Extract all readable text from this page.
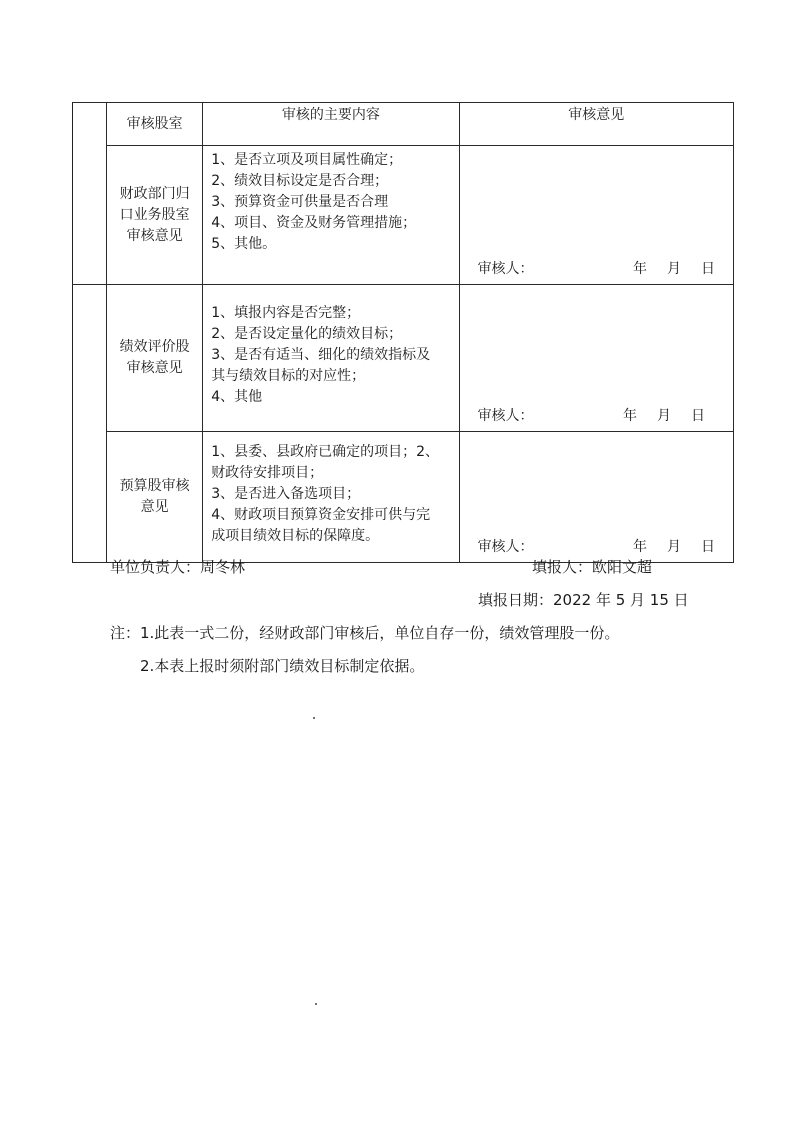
	审核股室	审核的主要内容	审核意见

	财政部门归
口业务股室
审核意见	1、是否立项及项目属性确定；
2、绩效目标设定是否合理；
3、预算资金可供量是否合理
4、项目、资金及财务管理措施；
5、其他。	审核人： 年 月 日

	绩效评价股
审核意见	1、填报内容是否完整；
2、是否设定量化的绩效目标；
3、是否有适当、细化的绩效指标及
其与绩效目标的对应性；
4、其他	审核人： 年 月 日

	预算股审核
意见	1、县委、县政府已确定的项目；2、
财政待安排项目；
3、是否进入备选项目；
4、财政项目预算资金安排可供与完
成项目绩效目标的保障度。	审核人： 年 月 日
单位负责人：周冬林	填报人：欧阳文超
填报日期：2022 年 5 月 15 日
注：1.此表一式二份，经财政部门审核后，单位自存一份，绩效管理股一份。
2.本表上报时须附部门绩效目标制定依据。
